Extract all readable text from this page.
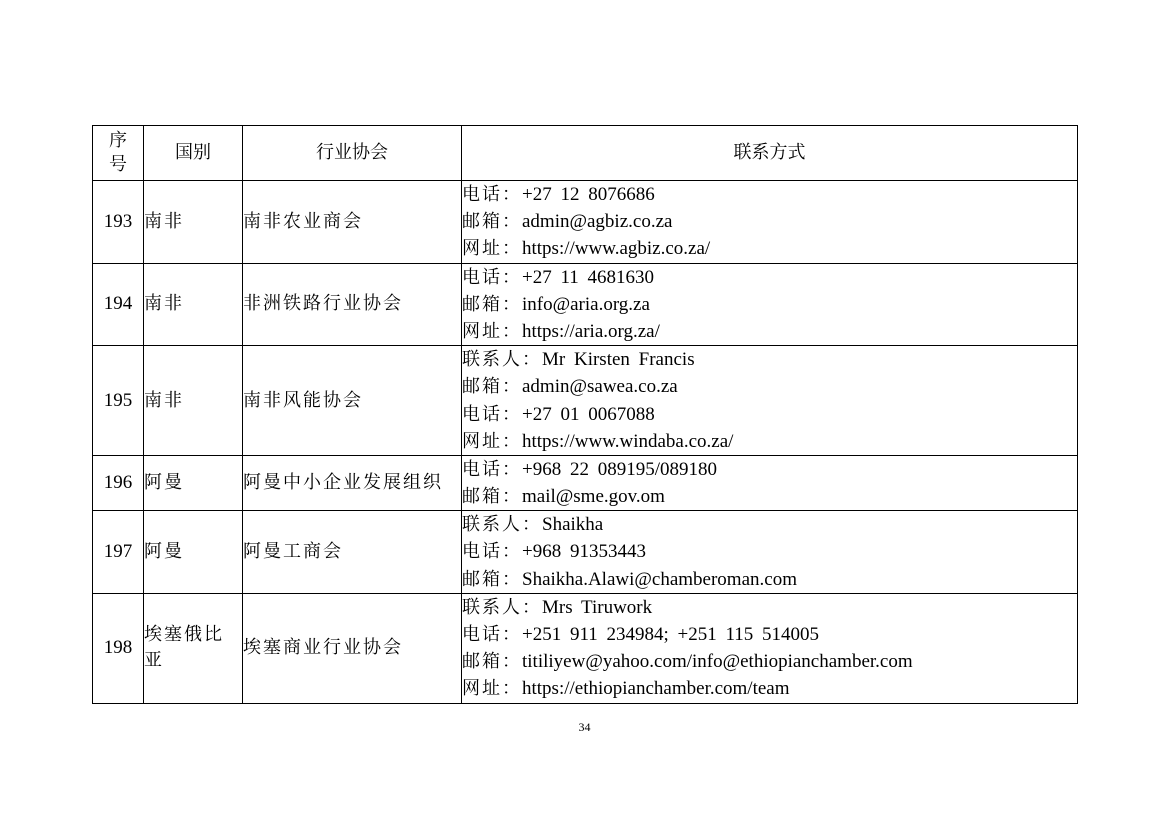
序号	国别	行业协会	联系方式
193	南非	南非农业商会	电话：+27 12 8076686
邮箱：admin@agbiz.co.za
网址：https://www.agbiz.co.za/

194	南非	非洲铁路行业协会	电话：+27 11 4681630
邮箱：info@aria.org.za
网址：https://aria.org.za/

195	南非	南非风能协会	联系人：Mr Kirsten Francis
邮箱：admin@sawea.co.za
电话：+27 01 0067088
网址：https://www.windaba.co.za/

196	阿曼	阿曼中小企业发展组织	电话：+968 22 089195/089180
邮箱：mail@sme.gov.om

197	阿曼	阿曼工商会	联系人：Shaikha
电话：+968 91353443
邮箱：Shaikha.Alawi@chamberoman.com

198	埃塞俄比亚	埃塞商业行业协会	联系人：Mrs Tiruwork
电话：+251 911 234984; +251 115 514005
邮箱：titiliyew@yahoo.com/info@ethiopianchamber.com
网址：https://ethiopianchamber.com/team
34
